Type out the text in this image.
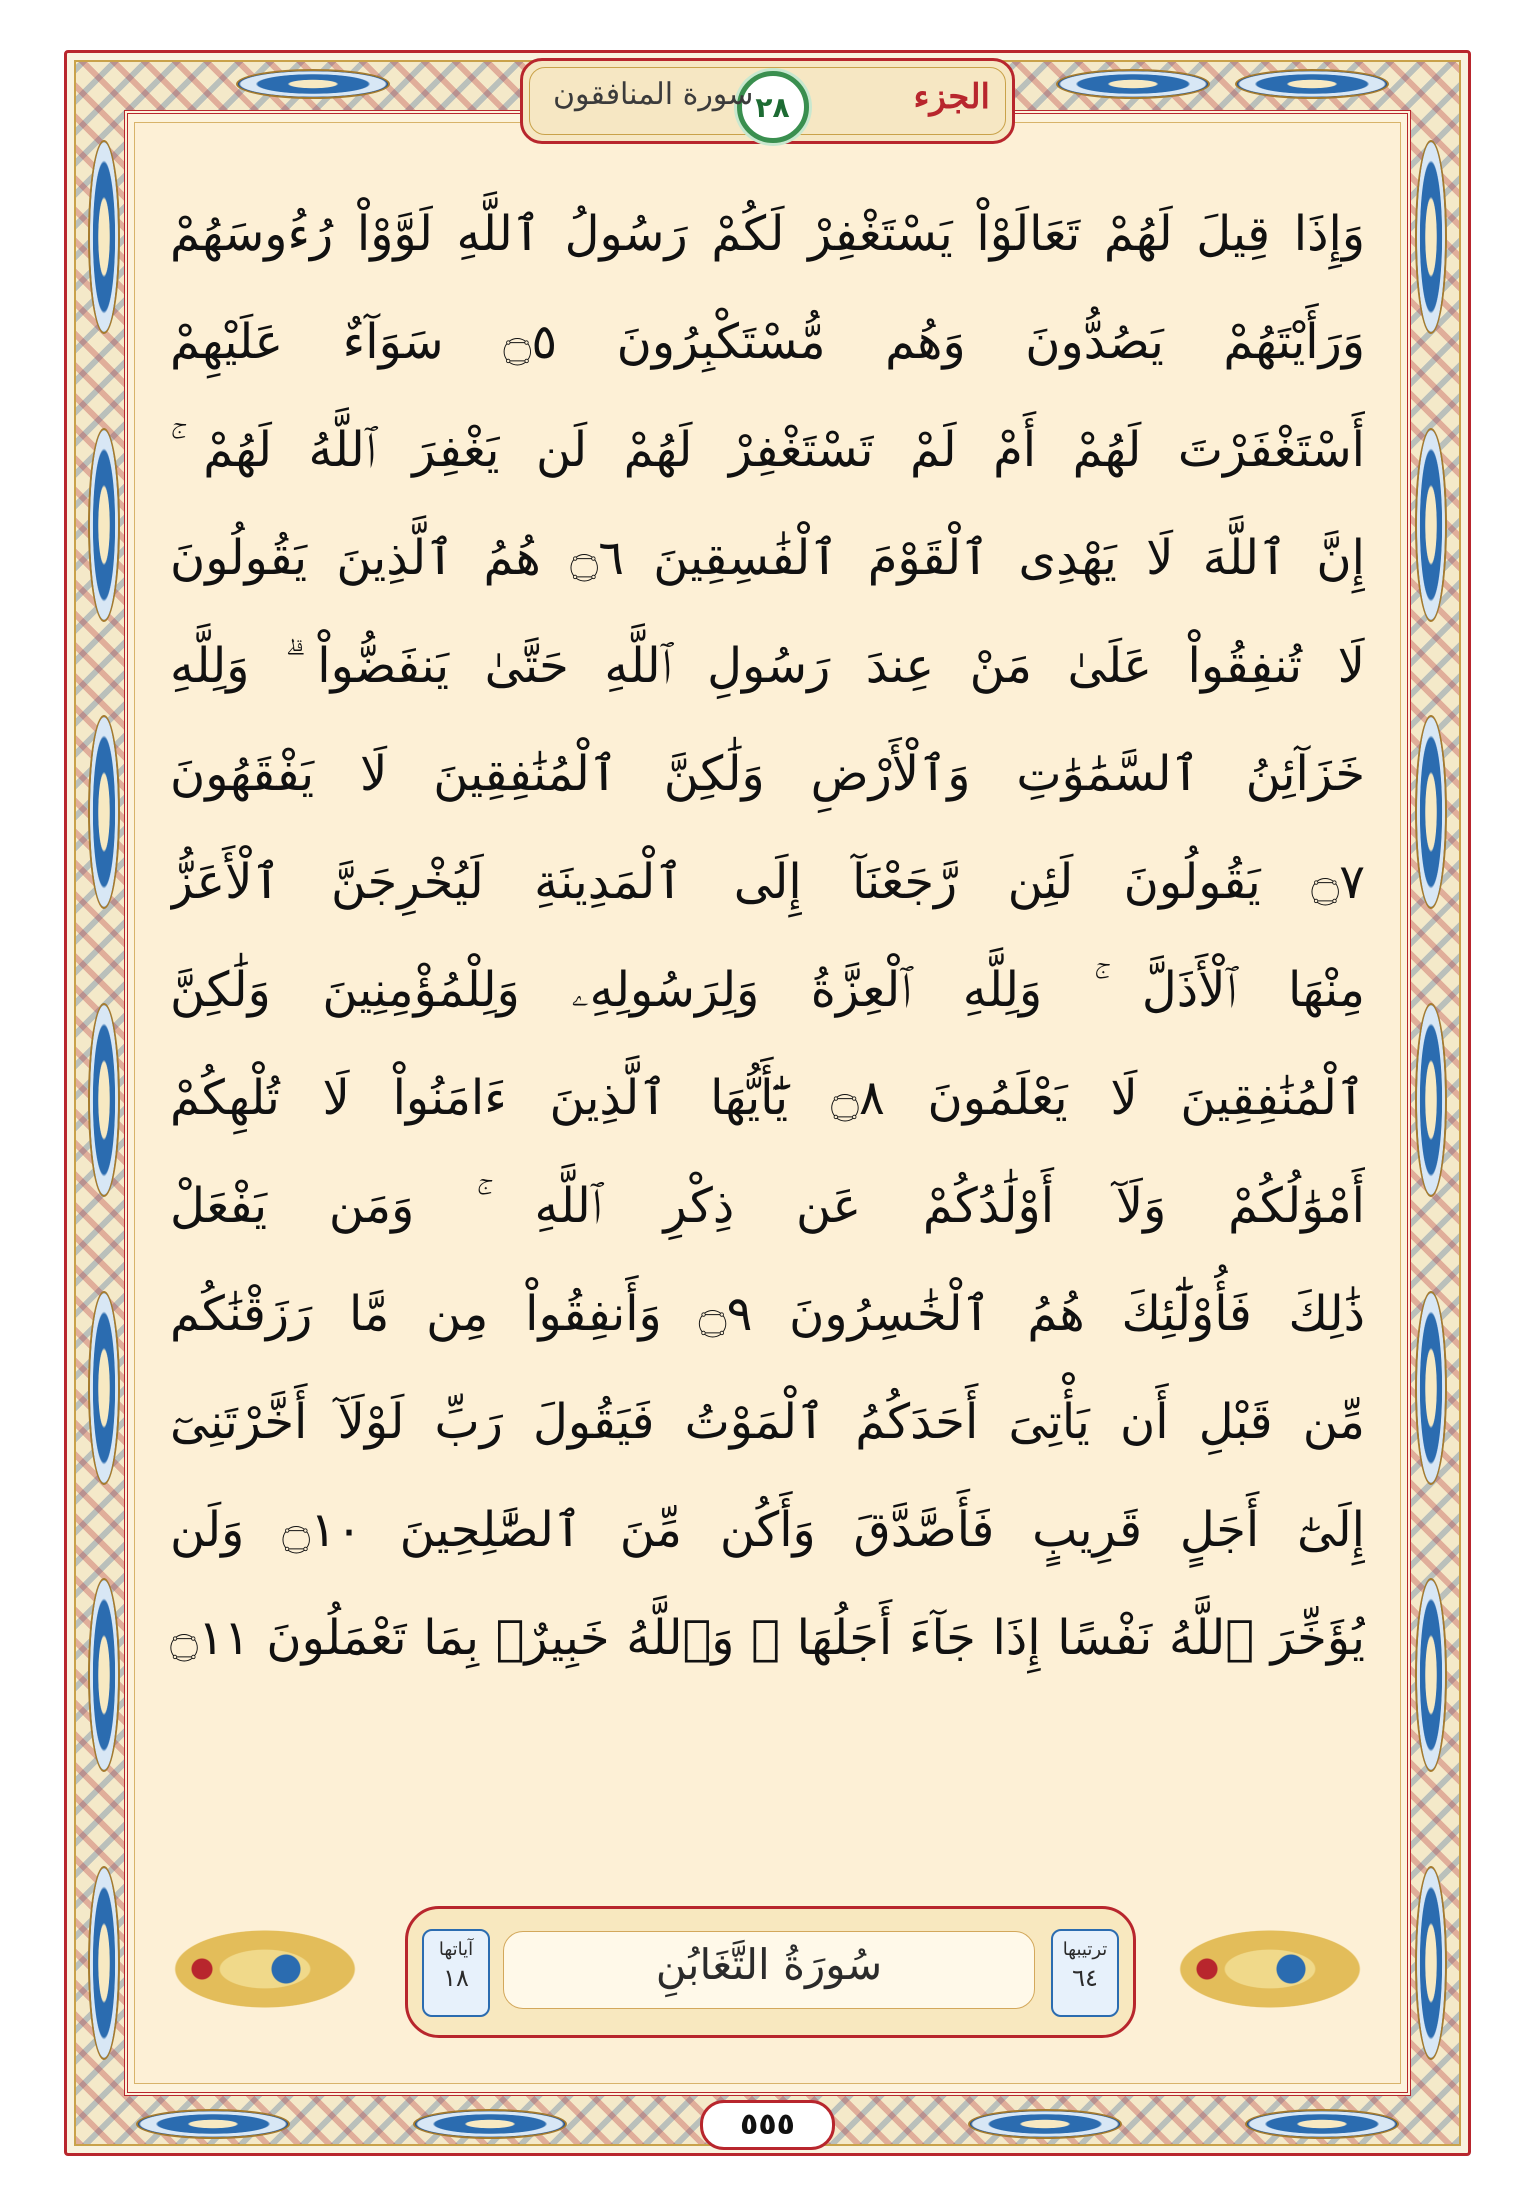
الجزء
٢٨
سورة المنافقون
وَإِذَا قِيلَ لَهُمْ تَعَالَوْاْ يَسْتَغْفِرْ لَكُمْ رَسُولُ ٱللَّهِ لَوَّوْاْ رُءُوسَهُمْ
وَرَأَيْتَهُمْ يَصُدُّونَ وَهُم مُّسْتَكْبِرُونَ ۝٥ سَوَآءٌ عَلَيْهِمْ
أَسْتَغْفَرْتَ لَهُمْ أَمْ لَمْ تَسْتَغْفِرْ لَهُمْ لَن يَغْفِرَ ٱللَّهُ لَهُمْ ۚ
إِنَّ ٱللَّهَ لَا يَهْدِى ٱلْقَوْمَ ٱلْفَٰسِقِينَ ۝٦ هُمُ ٱلَّذِينَ يَقُولُونَ
لَا تُنفِقُواْ عَلَىٰ مَنْ عِندَ رَسُولِ ٱللَّهِ حَتَّىٰ يَنفَضُّواْ ۗ وَلِلَّهِ
خَزَآئِنُ ٱلسَّمَٰوَٰتِ وَٱلْأَرْضِ وَلَٰكِنَّ ٱلْمُنَٰفِقِينَ لَا يَفْقَهُونَ
۝٧ يَقُولُونَ لَئِن رَّجَعْنَآ إِلَى ٱلْمَدِينَةِ لَيُخْرِجَنَّ ٱلْأَعَزُّ
مِنْهَا ٱلْأَذَلَّ ۚ وَلِلَّهِ ٱلْعِزَّةُ وَلِرَسُولِهِۦ وَلِلْمُؤْمِنِينَ وَلَٰكِنَّ
ٱلْمُنَٰفِقِينَ لَا يَعْلَمُونَ ۝٨ يَٰٓأَيُّهَا ٱلَّذِينَ ءَامَنُواْ لَا تُلْهِكُمْ
أَمْوَٰلُكُمْ وَلَآ أَوْلَٰدُكُمْ عَن ذِكْرِ ٱللَّهِ ۚ وَمَن يَفْعَلْ
ذَٰلِكَ فَأُوْلَٰٓئِكَ هُمُ ٱلْخَٰسِرُونَ ۝٩ وَأَنفِقُواْ مِن مَّا رَزَقْنَٰكُم
مِّن قَبْلِ أَن يَأْتِىَ أَحَدَكُمُ ٱلْمَوْتُ فَيَقُولَ رَبِّ لَوْلَآ أَخَّرْتَنِىٓ
إِلَىٰٓ أَجَلٍ قَرِيبٍ فَأَصَّدَّقَ وَأَكُن مِّنَ ٱلصَّٰلِحِينَ ۝١٠ وَلَن
يُؤَخِّرَ ٱللَّهُ نَفْسًا إِذَا جَآءَ أَجَلُهَا ۚ وَٱللَّهُ خَبِيرٌۢ بِمَا تَعْمَلُونَ ۝١١
ترتيبها
٦٤
سُورَةُ التَّغَابُنِ
آياتها
١٨
٥٥٥
